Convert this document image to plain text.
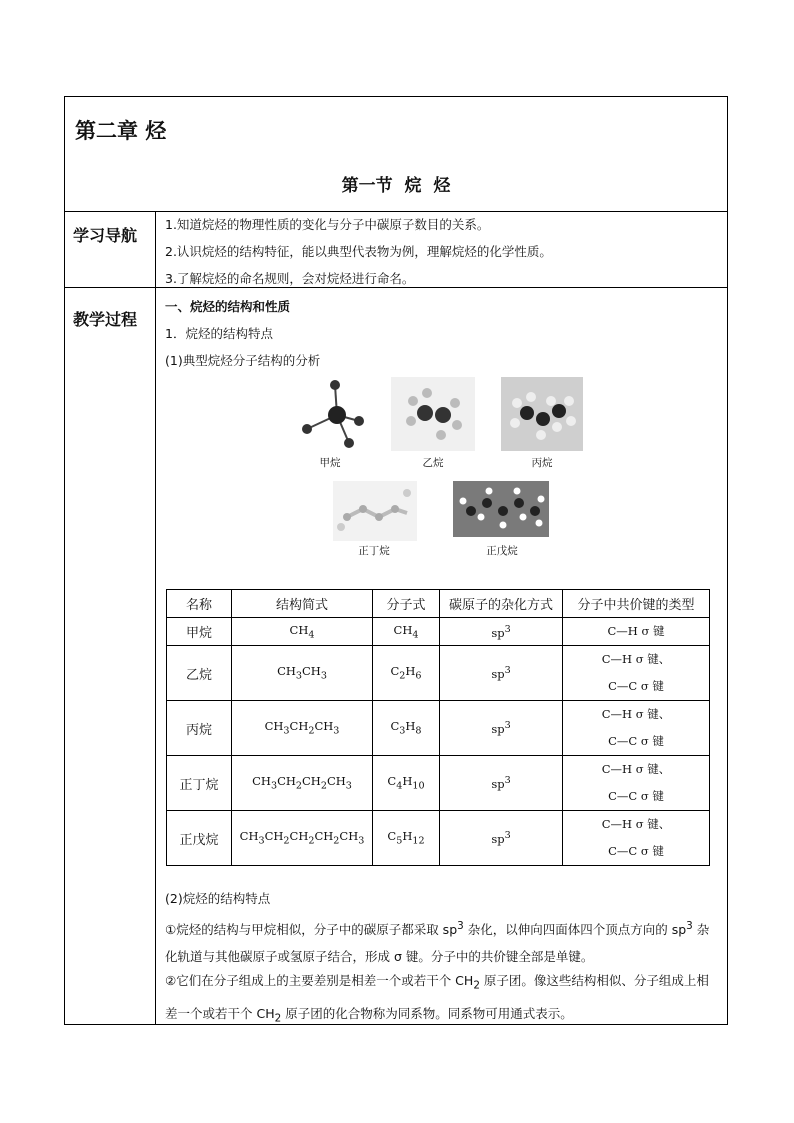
第二章 烃
第一节 烷 烃
学习导航
1.知道烷烃的物理性质的变化与分子中碳原子数目的关系。
2.认识烷烃的结构特征，能以典型代表物为例，理解烷烃的化学性质。
3.了解烷烃的命名规则，会对烷烃进行命名。
教学过程
一、烷烃的结构和性质
1．烷烃的结构特点
(1)典型烷烃分子结构的分析
甲烷	乙烷	丙烷
正丁烷	正戊烷
名称	结构简式	分子式	碳原子的杂化方式	分子中共价键的类型
甲烷	$CH_4$	$CH_4$	$sp^3$	C—H σ 键

乙烷	$CH_3CH_3$	$C_2H_6$	$sp^3$	C—H σ 键、
C—C σ 键

丙烷	$CH_3CH_2CH_3$	$C_3H_8$	$sp^3$	C—H σ 键、
C—C σ 键

正丁烷	$CH_3CH_2CH_2CH_3$	$C_4H_{10}$	$sp^3$	C—H σ 键、
C—C σ 键

正戊烷	$CH_3CH_2CH_2CH_2CH_3$	$C_5H_{12}$	$sp^3$	C—H σ 键、
C—C σ 键
(2)烷烃的结构特点
①烷烃的结构与甲烷相似，分子中的碳原子都采取 $sp^3$ 杂化，以伸向四面体四个顶点方向的 $sp^3$ 杂化轨道与其他碳原子或氢原子结合，形成 σ 键。分子中的共价键全部是单键。
②它们在分子组成上的主要差别是相差一个或若干个 $CH_2$ 原子团。像这些结构相似、分子组成上相差一个或若干个 $CH_2$ 原子团的化合物称为同系物。同系物可用通式表示。
